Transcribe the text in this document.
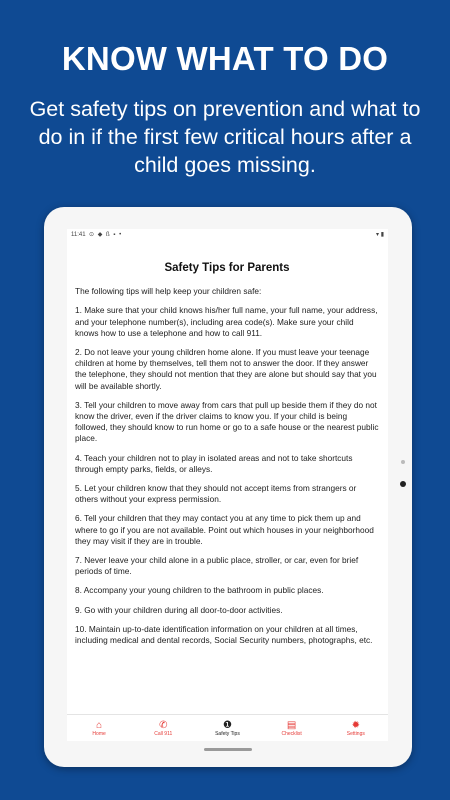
KNOW WHAT TO DO
Get safety tips on prevention and what to do in if the first few critical hours after a child goes missing.
11:41 ⊙ ◆ ß ▪ •	▾ ▮
Safety Tips for Parents

The following tips will help keep your children safe:

1. Make sure that your child knows his/her full name, your full name, your address, and your telephone number(s), including area code(s). Make sure your child knows how to use a telephone and how to call 911.

2. Do not leave your young children home alone. If you must leave your teenage children at home by themselves, tell them not to answer the door. If they answer the telephone, they should not mention that they are alone but should say that you will be available shortly.

3. Tell your children to move away from cars that pull up beside them if they do not know the driver, even if the driver claims to know you. If your child is being followed, they should know to run home or go to a safe house or the nearest public place.

4. Teach your children not to play in isolated areas and not to take shortcuts through empty parks, fields, or alleys.

5. Let your children know that they should not accept items from strangers or others without your express permission.

6. Tell your children that they may contact you at any time to pick them up and where to go if you are not available. Point out which houses in your neighborhood they may visit if they are in trouble.

7. Never leave your child alone in a public place, stroller, or car, even for brief periods of time.

8. Accompany your young children to the bathroom in public places.

9. Go with your children during all door-to-door activities.

10. Maintain up-to-date identification information on your children at all times, including medical and dental records, Social Security numbers, photographs, etc.

⌂
Home
✆
Call 911
❶
Safety Tips
▤
Checklist
✹
Settings
